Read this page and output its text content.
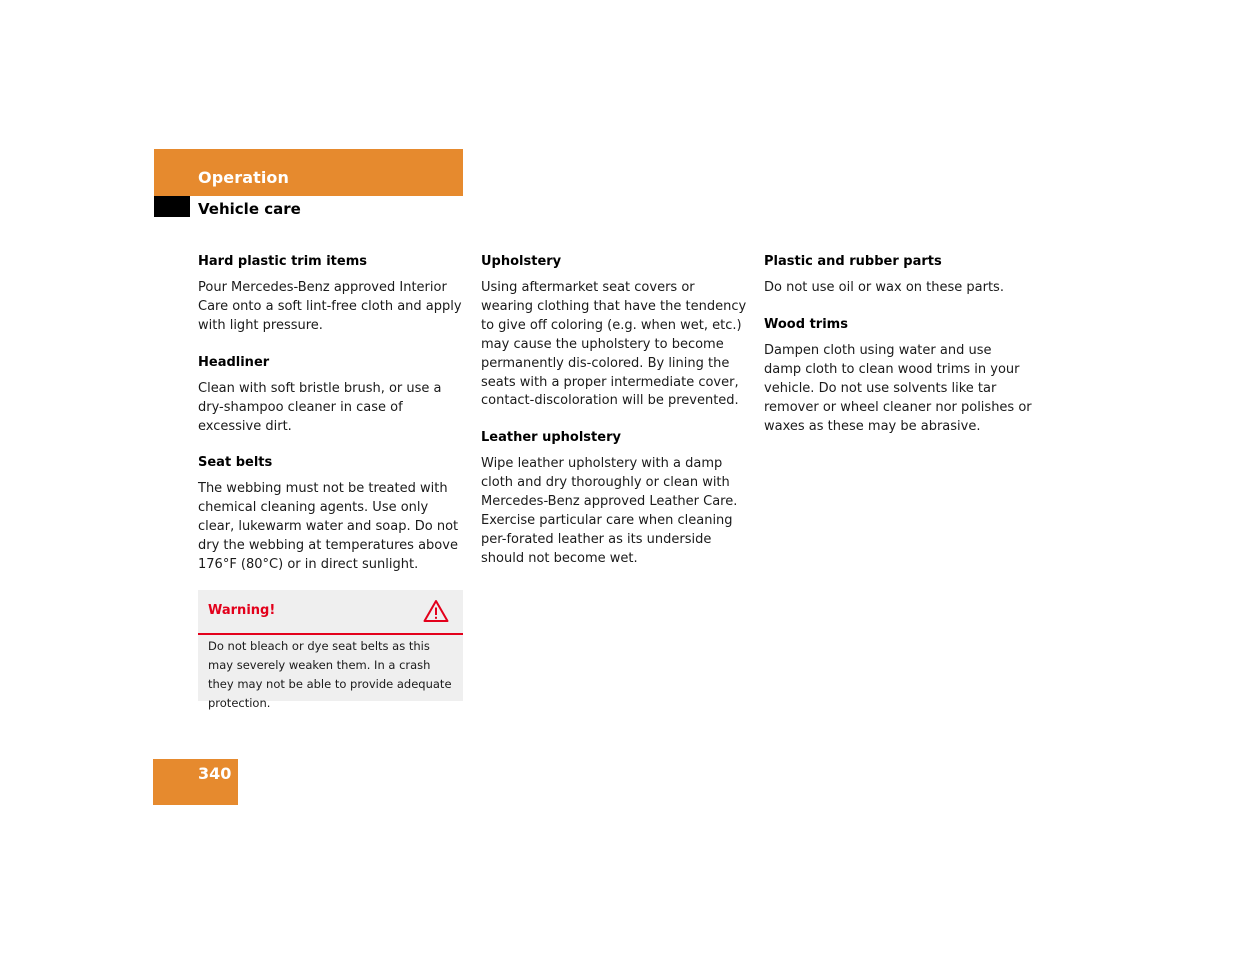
Operation
Vehicle care
Hard plastic trim items
Pour Mercedes-Benz approved Interior Care onto a soft lint-free cloth and apply with light pressure.
Headliner
Clean with soft bristle brush, or use a dry-shampoo cleaner in case of excessive dirt.
Seat belts
The webbing must not be treated with chemical cleaning agents. Use only clear, lukewarm water and soap. Do not dry the webbing at temperatures above 176°F (80°C) or in direct sunlight.
Upholstery
Using aftermarket seat covers or wearing clothing that have the tendency to give off coloring (e.g. when wet, etc.) may cause the upholstery to become permanently dis-colored. By lining the seats with a proper intermediate cover, contact-discoloration will be prevented.
Leather upholstery
Wipe leather upholstery with a damp cloth and dry thoroughly or clean with Mercedes-Benz approved Leather Care. Exercise particular care when cleaning per-forated leather as its underside should not become wet.
Plastic and rubber parts
Do not use oil or wax on these parts.
Wood trims
Dampen cloth using water and use damp cloth to clean wood trims in your vehicle. Do not use solvents like tar remover or wheel cleaner nor polishes or waxes as these may be abrasive.
Warning!
Do not bleach or dye seat belts as this may severely weaken them. In a crash they may not be able to provide adequate protection.
340
